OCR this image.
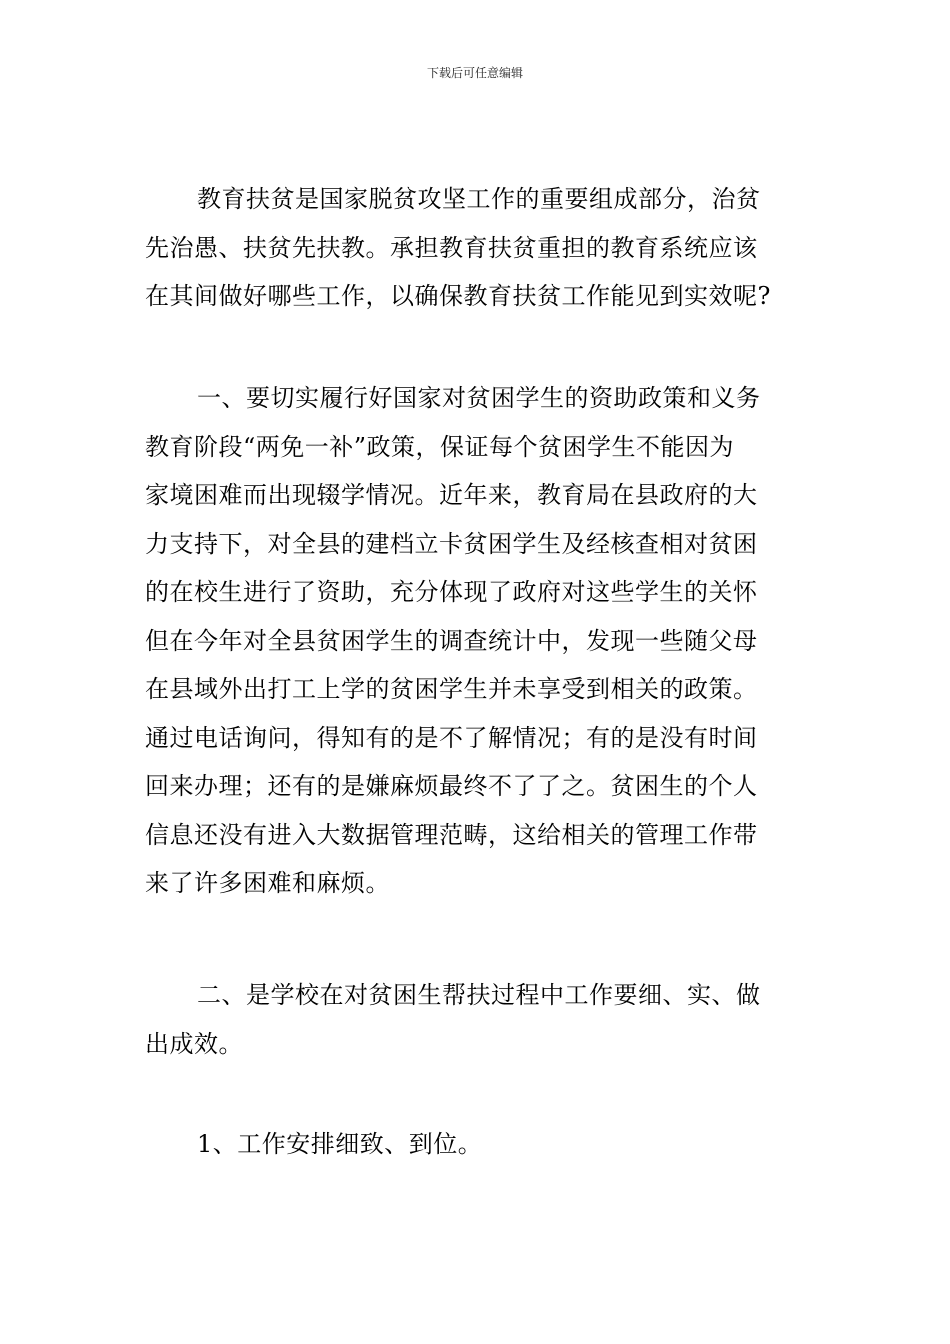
下载后可任意编辑
教育扶贫是国家脱贫攻坚工作的重要组成部分，治贫
先治愚、扶贫先扶教。承担教育扶贫重担的教育系统应该
在其间做好哪些工作，以确保教育扶贫工作能见到实效呢?
一、要切实履行好国家对贫困学生的资助政策和义务
教育阶段“两免一补”政策，保证每个贫困学生不能因为
家境困难而出现辍学情况。近年来，教育局在县政府的大
力支持下，对全县的建档立卡贫困学生及经核查相对贫困
的在校生进行了资助，充分体现了政府对这些学生的关怀
但在今年对全县贫困学生的调查统计中，发现一些随父母
在县域外出打工上学的贫困学生并未享受到相关的政策。
通过电话询问，得知有的是不了解情况；有的是没有时间
回来办理；还有的是嫌麻烦最终不了了之。贫困生的个人
信息还没有进入大数据管理范畴，这给相关的管理工作带
来了许多困难和麻烦。
二、是学校在对贫困生帮扶过程中工作要细、实、做
出成效。
1、工作安排细致、到位。
